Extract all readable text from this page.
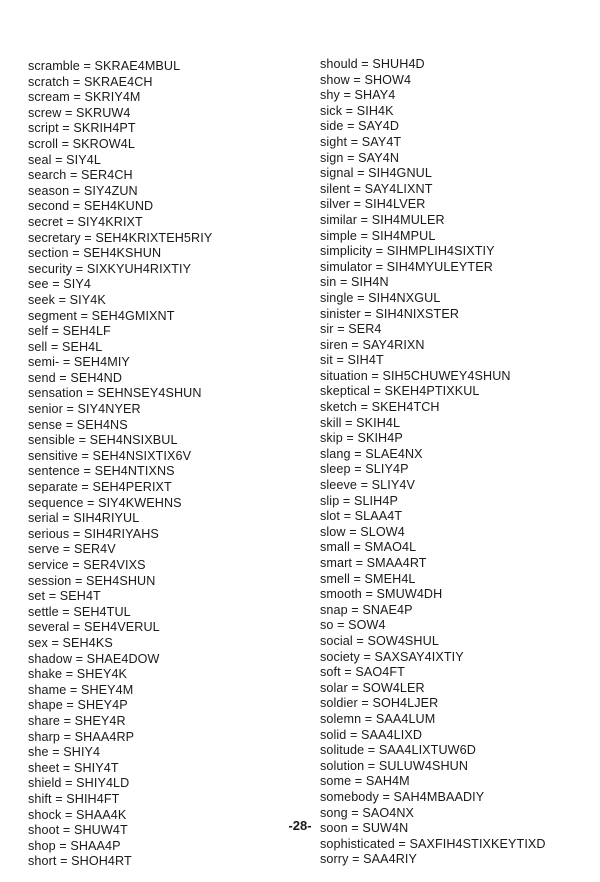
scramble = SKRAE4MBUL
scratch = SKRAE4CH
scream = SKRIY4M
screw = SKRUW4
script = SKRIH4PT
scroll = SKROW4L
seal = SIY4L
search = SER4CH
season = SIY4ZUN
second = SEH4KUND
secret = SIY4KRIXT
secretary = SEH4KRIXTEH5RIY
section = SEH4KSHUN
security = SIXKYUH4RIXTIY
see = SIY4
seek = SIY4K
segment = SEH4GMIXNT
self = SEH4LF
sell = SEH4L
semi- = SEH4MIY
send = SEH4ND
sensation = SEHNSEY4SHUN
senior = SIY4NYER
sense = SEH4NS
sensible = SEH4NSIXBUL
sensitive = SEH4NSIXTIX6V
sentence = SEH4NTIXNS
separate = SEH4PERIXT
sequence = SIY4KWEHNS
serial = SIH4RIYUL
serious = SIH4RIYAHS
serve = SER4V
service = SER4VIXS
session = SEH4SHUN
set = SEH4T
settle = SEH4TUL
several = SEH4VERUL
sex = SEH4KS
shadow = SHAE4DOW
shake = SHEY4K
shame = SHEY4M
shape = SHEY4P
share = SHEY4R
sharp = SHAA4RP
she = SHIY4
sheet = SHIY4T
shield = SHIY4LD
shift = SHIH4FT
shock = SHAA4K
shoot = SHUW4T
shop = SHAA4P
short = SHOH4RT
should = SHUH4D
show = SHOW4
shy = SHAY4
sick = SIH4K
side = SAY4D
sight = SAY4T
sign = SAY4N
signal = SIH4GNUL
silent = SAY4LIXNT
silver = SIH4LVER
similar = SIH4MULER
simple = SIH4MPUL
simplicity = SIHMPLIH4SIXTIY
simulator = SIH4MYULEYTER
sin = SIH4N
single = SIH4NXGUL
sinister = SIH4NIXSTER
sir = SER4
siren = SAY4RIXN
sit = SIH4T
situation = SIH5CHUWEY4SHUN
skeptical = SKEH4PTIXKUL
sketch = SKEH4TCH
skill = SKIH4L
skip = SKIH4P
slang = SLAE4NX
sleep = SLIY4P
sleeve = SLIY4V
slip = SLIH4P
slot = SLAA4T
slow = SLOW4
small = SMAO4L
smart = SMAA4RT
smell = SMEH4L
smooth = SMUW4DH
snap = SNAE4P
so = SOW4
social = SOW4SHUL
society = SAXSAY4IXTIY
soft = SAO4FT
solar = SOW4LER
soldier = SOH4LJER
solemn = SAA4LUM
solid = SAA4LIXD
solitude = SAA4LIXTUW6D
solution = SULUW4SHUN
some = SAH4M
somebody = SAH4MBAADIY
song = SAO4NX
soon = SUW4N
sophisticated = SAXFIH4STIXKEYTIXD
sorry = SAA4RIY
-28-
